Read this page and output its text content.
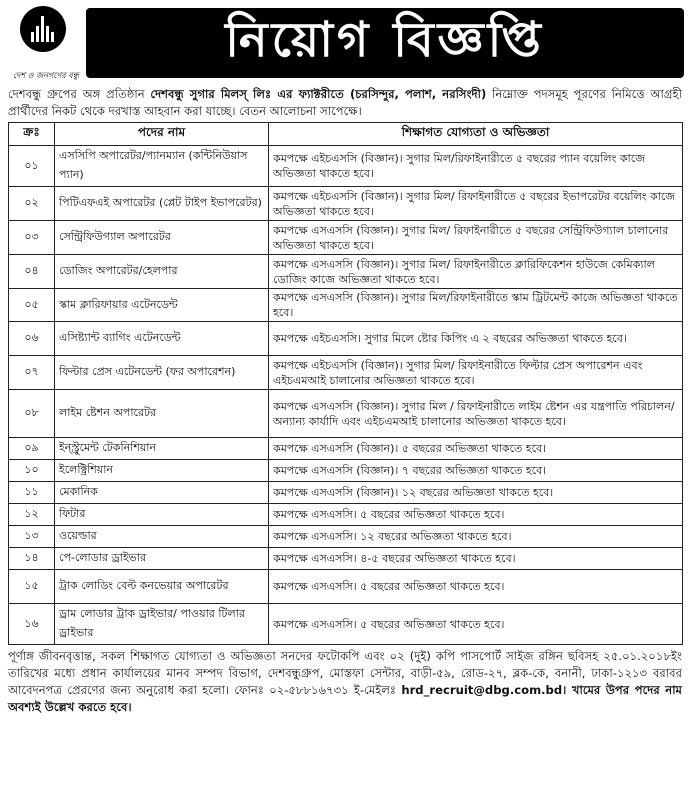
দেশ ও জনগণের বন্ধু
নিয়োগ বিজ্ঞপ্তি
দেশবন্ধু গ্রুপের অঙ্গ প্রতিষ্ঠান দেশবন্ধু সুগার মিলস্ লিঃ এর ফ্যাক্টরীতে (চরসিন্দুর, পলাশ, নরসিংদী) নিম্নোক্ত পদসমূহ পূরণের নিমিত্তে আগ্রহী প্রার্থীদের নিকট থেকে দরখাস্ত আহবান করা যাচ্ছে। বেতন আলোচনা সাপেক্ষে।
ক্রঃ	পদের নাম	শিক্ষাগত যোগ্যতা ও অভিজ্ঞতা
০১	এসসিপি অপারেটর/প্যানম্যান (কন্টিনিউয়াস প্যান)	কমপক্ষে এইচএসসি (বিজ্ঞান)। সুগার মিল/রিফাইনারীতে ৫ বছরের প্যান বয়েলিং কাজে অভিজ্ঞতা থাকতে হবে।
০২	পিটিএফএই অপারেটর (প্লেট টাইপ ইভাপরেটর)	কমপক্ষে এইচএসসি (বিজ্ঞান)। সুগার মিল/ রিফাইনারীতে ৫ বছরের ইভাপরেটর বয়েলিং কাজে অভিজ্ঞতা থাকতে হবে।
০৩	সেন্ট্রিফিউগ্যাল অপারেটর	কমপক্ষে এসএসসি (বিজ্ঞান)। সুগার মিল/ রিফাইনারীতে ৫ বছরের সেন্ট্রিফিউগ্যাল চালানোর অভিজ্ঞতা থাকতে হবে।
০৪	ডোজিং অপারেটর/হেলপার	কমপক্ষে এসএসসি (বিজ্ঞান)। সুগার মিল/ রিফাইনারীতে ক্লারিফিকেশন হাউজে কেমিক্যাল ডোজিং কাজে অভিজ্ঞতা থাকতে হবে।
০৫	স্কাম ক্লারিফায়ার এটেনডেন্ট	কমপক্ষে এসএসসি (বিজ্ঞান)। সুগার মিল/রিফাইনারীতে স্কাম ট্রিটমেন্ট কাজে অভিজ্ঞতা থাকতে হবে।
০৬	এসিষ্ট্যান্ট ব্যাগিং এটেনডেন্ট	কমপক্ষে এইচএসসি। সুগার মিলে ষ্টোর কিপিং এ ২ বছরের অভিজ্ঞতা থাকতে হবে।
০৭	ফিল্টার প্রেস এটেনডেন্ট (ফর অপারেশন)	কমপক্ষে এইচএসসি (বিজ্ঞান)। সুগার মিল/ রিফাইনারীতে ফিল্টার প্রেস অপারেশন এবং এইচএমআই চালানোর অভিজ্ঞতা থাকতে হবে।
০৮	লাইম ষ্টেশন অপারেটর	কমপক্ষে এসএসসি (বিজ্ঞান)। সুগার মিল / রিফাইনারীতে লাইম ষ্টেশন এর যন্ত্রপাতি পরিচালন/অন্যান্য কার্যাদি এবং এইচএমআই চালানোর অভিজ্ঞতা থাকতে হবে।
০৯	ইন্স্ট্রুমেন্ট টেকনিশিয়ান	কমপক্ষে এসএসসি (বিজ্ঞান)। ৫ বছরের অভিজ্ঞতা থাকতে হবে।
১০	ইলেক্ট্রিশিয়ান	কমপক্ষে এসএসসি (বিজ্ঞান)। ৭ বছরের অভিজ্ঞতা থাকতে হবে।
১১	মেকানিক	কমপক্ষে এসএসসি (বিজ্ঞান)। ১২ বছরের অভিজ্ঞতা থাকতে হবে।
১২	ফিটার	কমপক্ষে এসএসসি। ৫ বছরের অভিজ্ঞতা থাকতে হবে।
১৩	ওয়েল্ডার	কমপক্ষে এসএসসি। ১২ বছরের অভিজ্ঞতা থাকতে হবে।
১৪	পে-লোডার ড্রাইভার	কমপক্ষে এসএসসি। ৪-৫ বছরের অভিজ্ঞতা থাকতে হবে।
১৫	ট্রাক লোডিং বেল্ট কনভেয়ার অপারেটর	কমপক্ষে এসএসসি। ৫ বছরের অভিজ্ঞতা থাকতে হবে।
১৬	ড্রাম লোডার ট্রাক ড্রাইভার/ পাওয়ার টিলার ড্রাইভার	কমপক্ষে এসএসসি। ৫ বছরের অভিজ্ঞতা থাকতে হবে।
পূর্ণাঙ্গ জীবনবৃত্তান্ত, সকল শিক্ষাগত যোগ্যতা ও অভিজ্ঞতা সনদের ফটোকপি এবং ০২ (দুই) কপি পাসপোর্ট সাইজ রঙ্গিন ছবিসহ ২৫.০১.২০১৮ইং তারিখের মধ্যে প্রধান কার্যালয়ের মানব সম্পদ বিভাগ, দেশবন্ধুগ্রুপ, মোস্তফা সেন্টার, বাড়ী-৫৯, রোড-২৭, ব্লক-কে, বনানী, ঢাকা-১২১৩ বরাবর আবেদনপত্র প্রেরণের জন্য অনুরোধ করা হলো। ফোনঃ ০২-৫৮৮১৬৭৩১ ই-মেইলঃ hrd_recruit@dbg.com.bd। খামের উপর পদের নাম অবশ্যই উল্লেখ করতে হবে।
